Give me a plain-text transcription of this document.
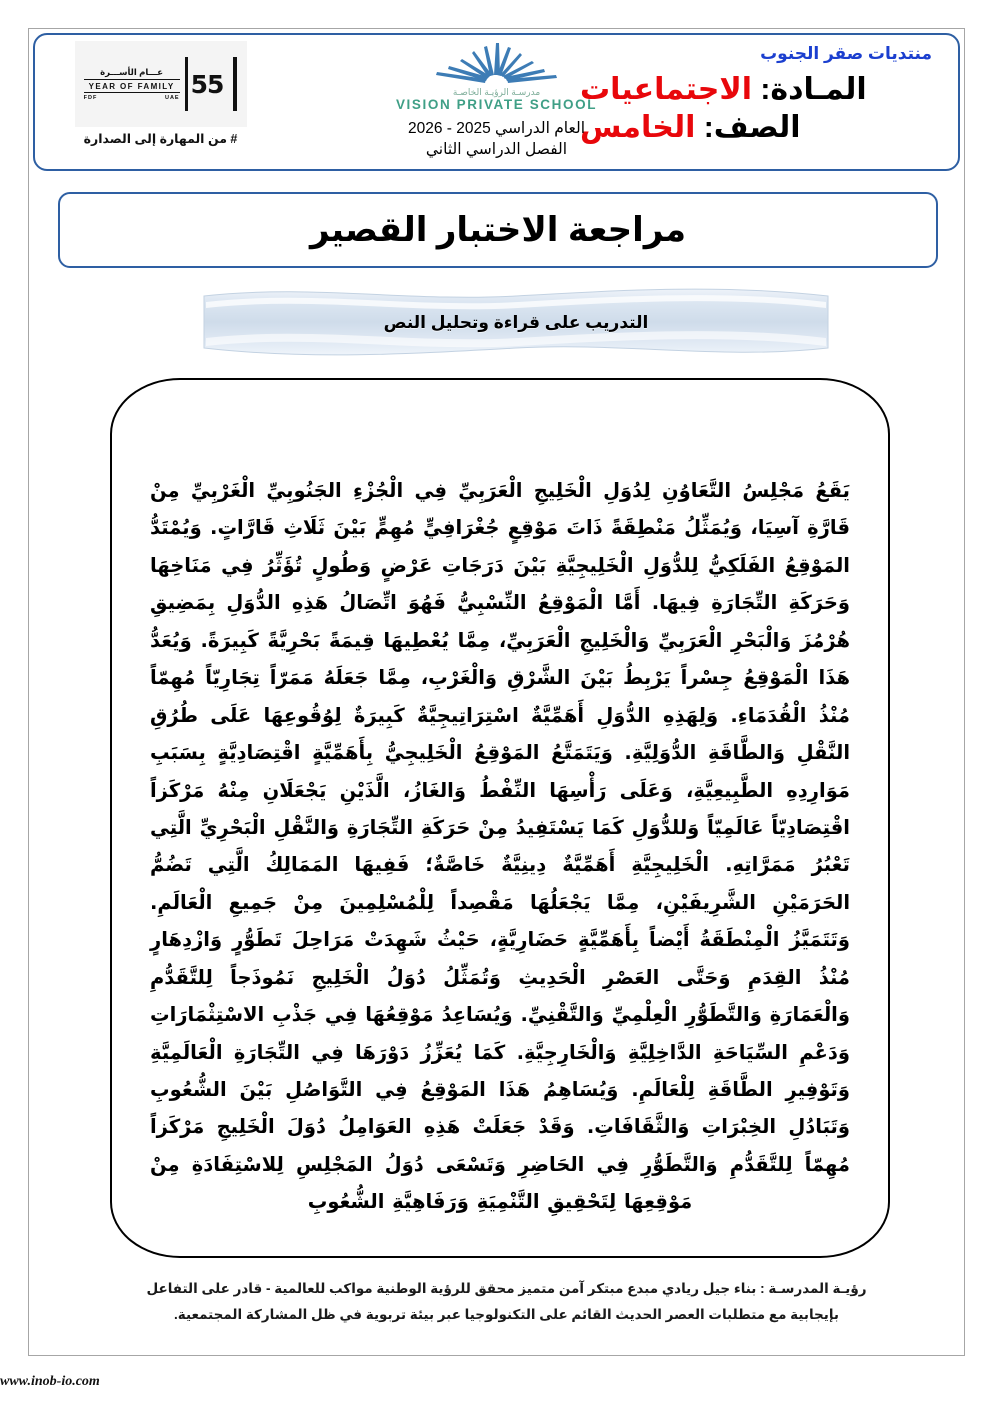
منتديات صقر الجنوب
المـادة: الاجتماعيات
الصف: الخامس
مدرسـة الرؤيـة الخاصـة
VISION PRIVATE SCHOOL
العام الدراسي 2025 - 2026
الفصل الدراسي الثاني
55
عـــام الأســـرة
YEAR OF FAMILY
FDF	UAE
# من المهارة إلى الصدارة
مراجعة الاختبار القصير
التدريب على قراءة وتحليل النص
يَقَعُ مَجْلِسُ التَّعَاوُنِ لِدُوَلِ الْخَلِيجِ الْعَرَبِيِّ فِي الْجُزْءِ الجَنُوبِيِّ الْغَرْبِيِّ مِنْ قَارَّةِ آسِيَا، وَيُمَثِّلُ مَنْطِقَةً ذَاتَ مَوْقِعٍ جُغْرَافِيٍّ مُهِمٍّ بَيْنَ ثَلَاثِ قَارَّاتٍ. وَيُمْتَدُّ المَوْقِعُ الفَلَكِيُّ لِلدُّوَلِ الْخَلِيجِيَّةِ بَيْنَ دَرَجَاتِ عَرْضٍ وَطُولٍ تُؤَثِّرُ فِي مَنَاخِهَا وَحَرَكَةِ التِّجَارَةِ فِيهَا. أَمَّا الْمَوْقِعُ النِّسْبِيُّ فَهُوَ اتِّصَالُ هَذِهِ الدُّوَلِ بِمَضِيقِ هُرْمُزَ وَالْبَحْرِ الْعَرَبِيِّ وَالْخَلِيجِ الْعَرَبِيِّ، مِمَّا يُعْطِيهَا قِيمَةً بَحْرِيَّةً كَبِيرَةً. وَيُعَدُّ هَذَا الْمَوْقِعُ جِسْراً يَرْبِطُ بَيْنَ الشَّرْقِ وَالْغَرْبِ، مِمَّا جَعَلَهُ مَمَرّاً تِجَارِيّاً مُهِمّاً مُنْذُ الْقُدَمَاءِ. وَلِهَذِهِ الدُّوَلِ أَهَمِّيَّةٌ اسْتِرَاتِيجِيَّةٌ كَبِيرَةٌ لِوُقُوعِهَا عَلَى طُرُقِ النَّقْلِ وَالطَّاقَةِ الدُّوَلِيَّةِ. وَيَتَمَتَّعُ المَوْقِعُ الْخَلِيجِيُّ بِأَهَمِّيَّةٍ اقْتِصَادِيَّةٍ بِسَبَبِ مَوَارِدِهِ الطَّبِيعِيَّةِ، وَعَلَى رَأْسِهَا النِّفْطُ وَالغَازُ، الَّذَيْنِ يَجْعَلَانِ مِنْهُ مَرْكَزاً اقْتِصَادِيّاً عَالَمِيّاً وَللدُّوَلِ كَمَا يَسْتَفِيدُ مِنْ حَرَكَةِ التِّجَارَةِ وَالنَّقْلِ الْبَحْرِيِّ الَّتِي تَعْبُرُ مَمَرَّاتِهِ. الْخَلِيجِيَّةِ أَهَمِّيَّةٌ دِينِيَّةٌ خَاصَّةٌ؛ فَفِيهَا المَمَالِكُ الَّتِي تَضُمُّ الحَرَمَيْنِ الشَّرِيفَيْنِ، مِمَّا يَجْعَلُهَا مَقْصِداً لِلْمُسْلِمِينَ مِنْ جَمِيعِ الْعَالَمِ. وَتَتَمَيَّزُ الْمِنْطَقَةُ أَيْضاً بِأَهَمِّيَّةٍ حَضَارِيَّةٍ، حَيْثُ شَهِدَتْ مَرَاحِلَ تَطَوُّرٍ وَازْدِهَارٍ مُنْذُ القِدَمِ وَحَتَّى العَصْرِ الْحَدِيثِ وَتُمَثِّلُ دُوَلُ الْخَلِيجِ نَمُوذَجاً لِلتَّقَدُّمِ وَالْعَمَارَةِ وَالتَّطَوُّرِ الْعِلْمِيِّ وَالتَّقْنِيِّ. وَيُسَاعِدُ مَوْقِعُهَا فِي جَذْبِ الاسْتِثْمَارَاتِ وَدَعْمِ السِّيَاحَةِ الدَّاخِلِيَّةِ وَالْخَارِجِيَّةِ. كَمَا يُعَزِّزُ دَوْرَهَا فِي التِّجَارَةِ الْعَالَمِيَّةِ وَتَوْفِيرِ الطَّاقَةِ لِلْعَالَمِ. وَيُسَاهِمُ هَذَا المَوْقِعُ فِي التَّوَاصُلِ بَيْنَ الشُّعُوبِ وَتَبَادُلِ الخِبْرَاتِ وَالثَّقَافَاتِ. وَقَدْ جَعَلَتْ هَذِهِ العَوَامِلُ دُوَلَ الْخَلِيجِ مَرْكَزاً مُهِمّاً لِلتَّقَدُّمِ وَالتَّطَوُّرِ فِي الحَاضِرِ وَتَسْعَى دُوَلُ المَجْلِسِ لِلاسْتِفَادَةِ مِنْ مَوْقِعِهَا لِتَحْقِيقِ التَّنْمِيَةِ وَرَفَاهِيَّةِ الشُّعُوبِ
رؤيـة المدرسـة : بناء جيل ريادي مبدع مبتكر آمن متميز محقق للرؤية الوطنية مواكب للعالمية - قادر على التفاعل بإيجابية مع متطلبات العصر الحديث القائم على التكنولوجيا عبر بيئة تربوية في ظل المشاركة المجتمعية.
www.inob-io.com
